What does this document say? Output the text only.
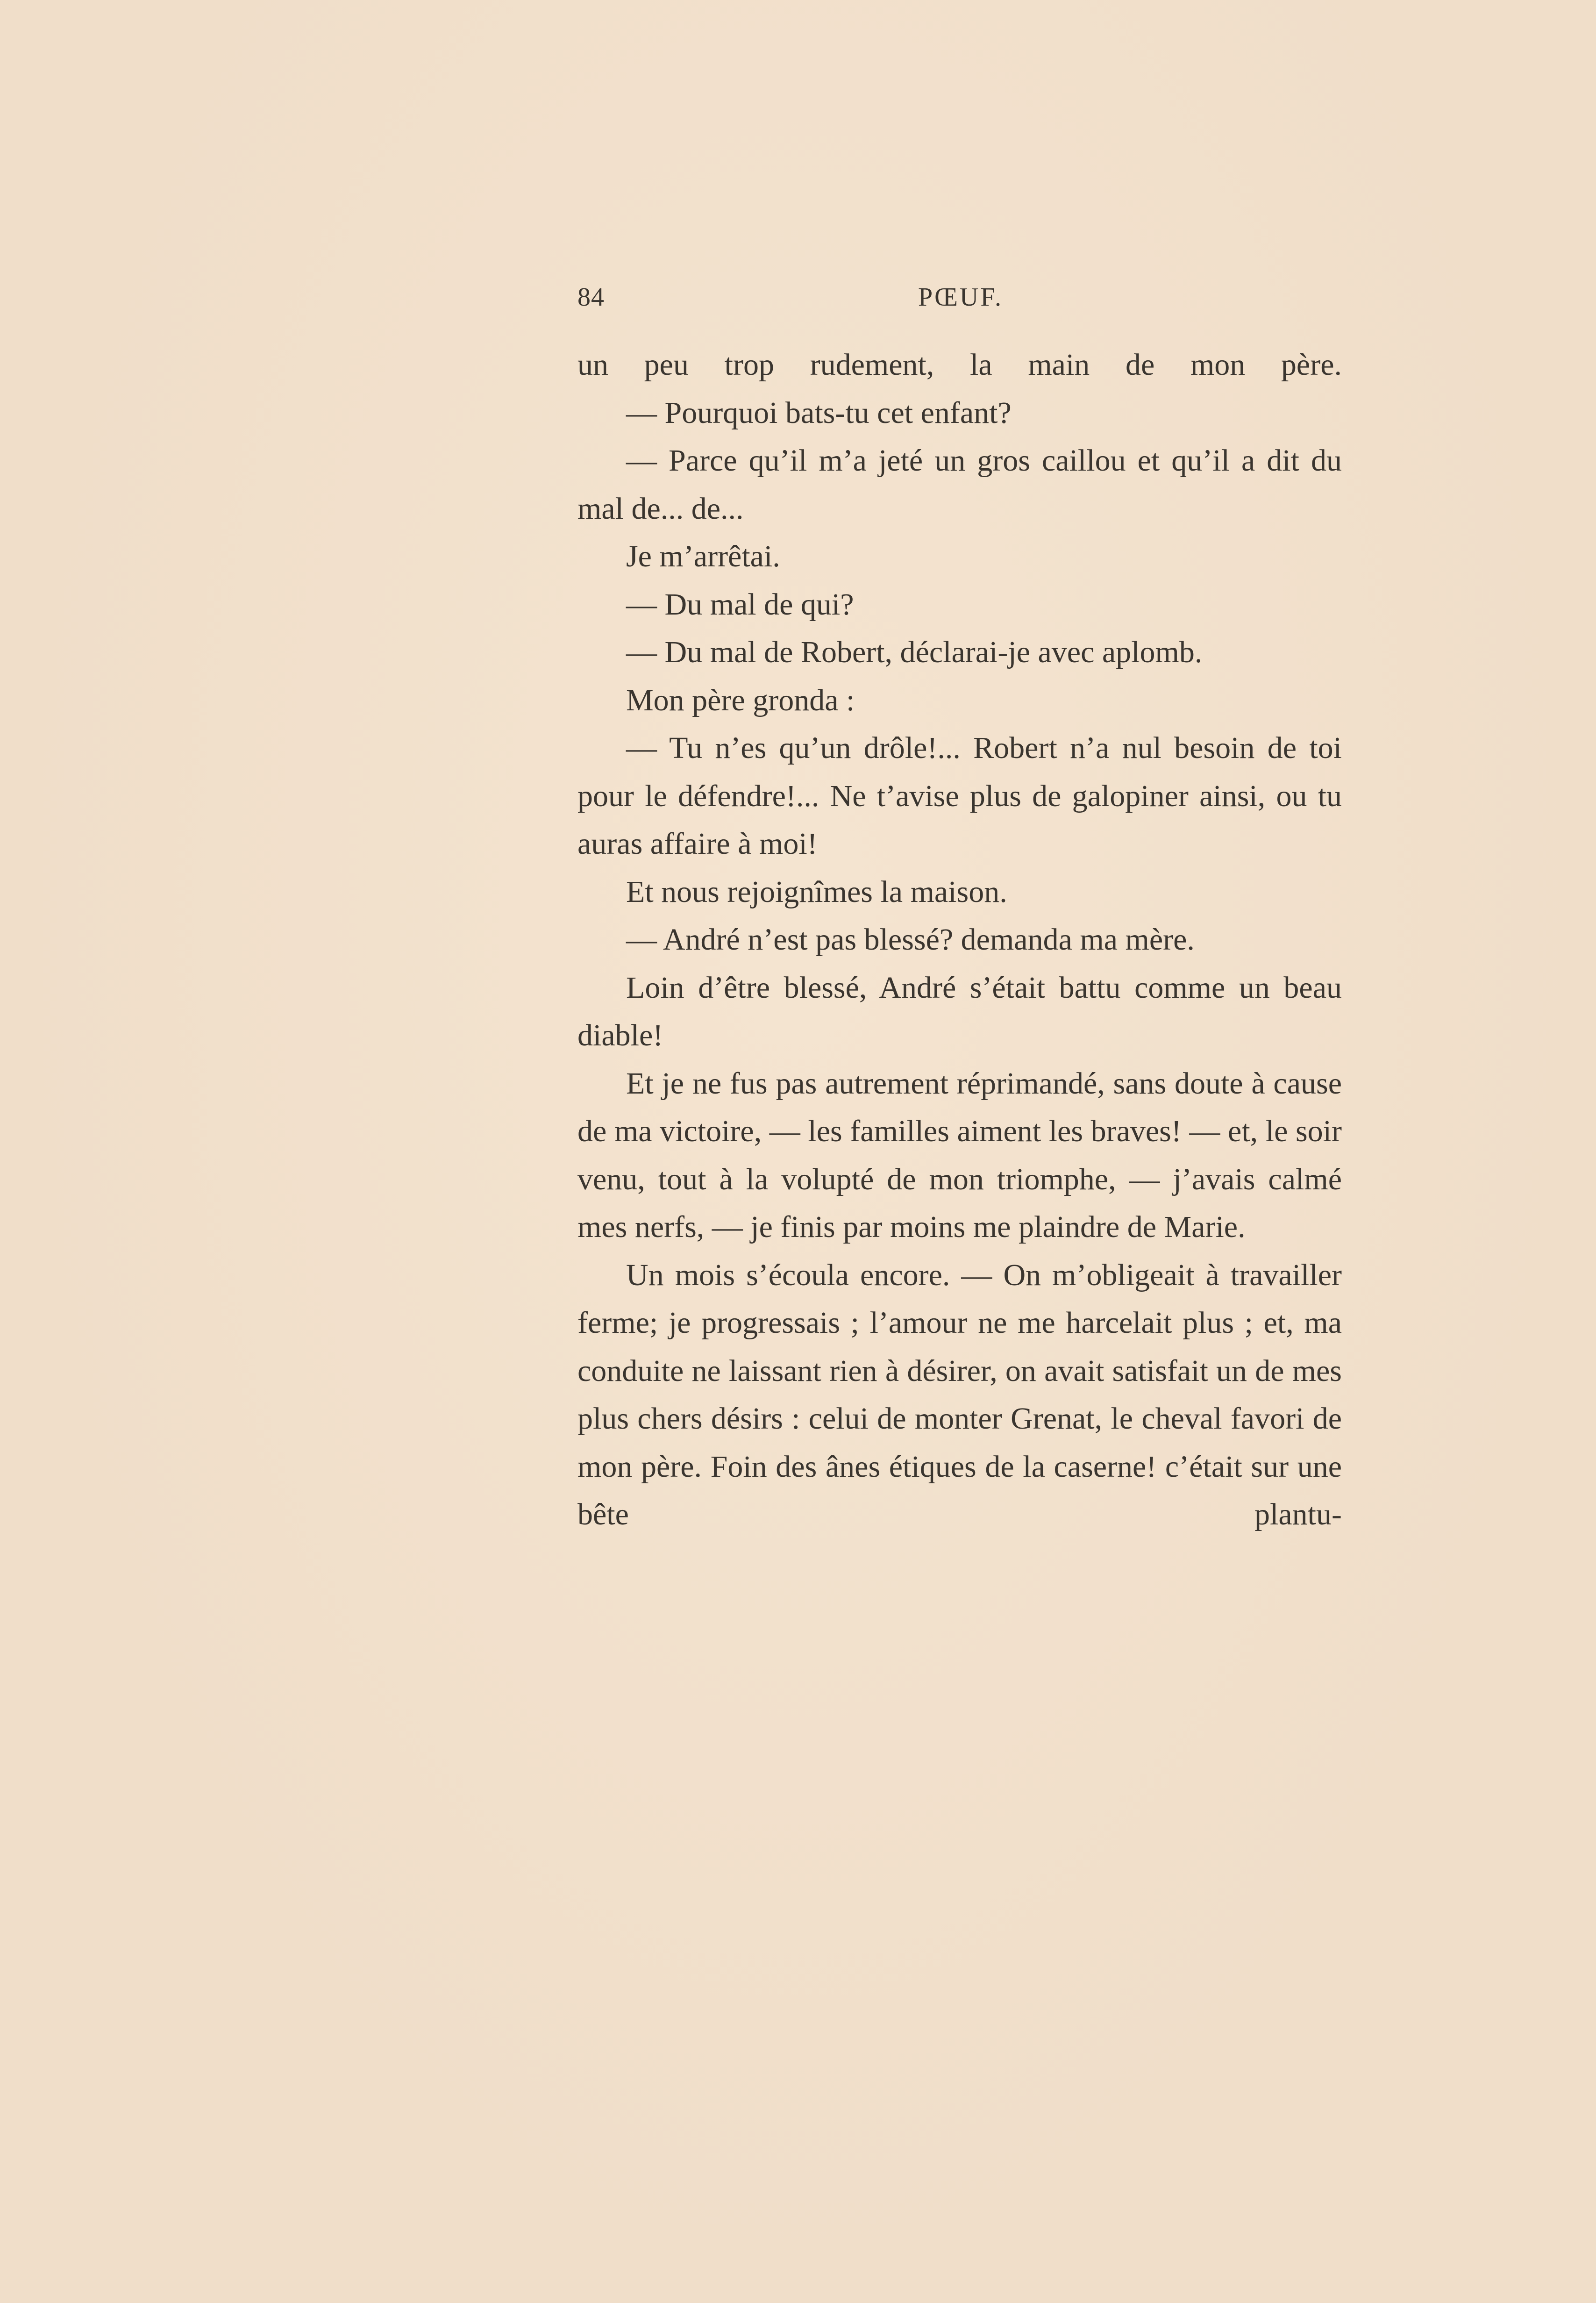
84	PŒUF.

un peu trop rudement, la main de mon père.

— Pourquoi bats-tu cet enfant?

— Parce qu’il m’a jeté un gros caillou et qu’il a dit du mal de... de...

Je m’arrêtai.

— Du mal de qui?

— Du mal de Robert, déclarai-je avec aplomb.

Mon père gronda :

— Tu n’es qu’un drôle!... Robert n’a nul besoin de toi pour le défendre!... Ne t’avise plus de galopiner ainsi, ou tu auras affaire à moi!

Et nous rejoignîmes la maison.

— André n’est pas blessé? demanda ma mère.

Loin d’être blessé, André s’était battu comme un beau diable!

Et je ne fus pas autrement réprimandé, sans doute à cause de ma victoire, — les familles aiment les braves! — et, le soir venu, tout à la volupté de mon triomphe, — j’avais calmé mes nerfs, — je finis par moins me plaindre de Marie.

Un mois s’écoula encore. — On m’obligeait à travailler ferme; je progressais ; l’amour ne me harcelait plus ; et, ma conduite ne laissant rien à désirer, on avait satisfait un de mes plus chers désirs : celui de monter Grenat, le cheval favori de mon père. Foin des ânes étiques de la caserne! c’était sur une bête plantu-
